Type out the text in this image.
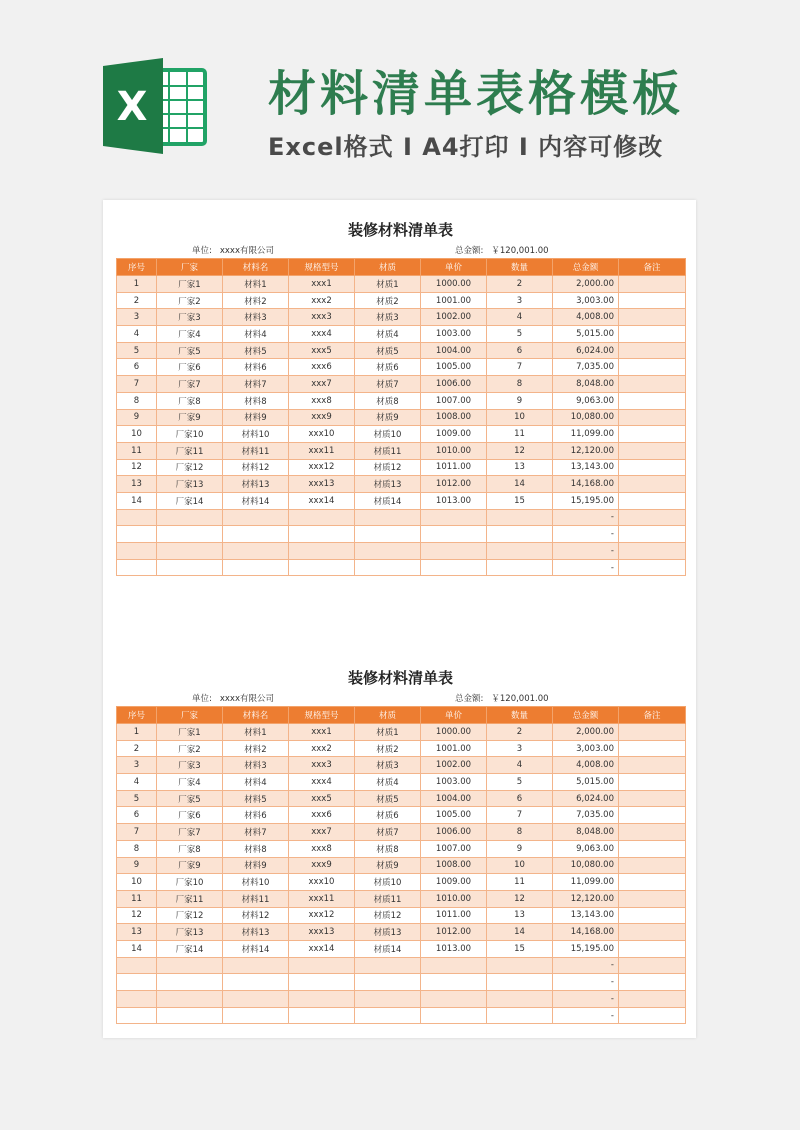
X	材料清单表格模板
Excel格式 I A4打印 I 内容可修改
装修材料清单表
单位: xxxx有限公司	总金额: ￥120,001.00
序号	厂家	材料名	规格型号	材质	单价	数量	总金额	备注
1	厂家1	材料1	xxx1	材质1	1000.00	2	2,000.00	
2	厂家2	材料2	xxx2	材质2	1001.00	3	3,003.00	
3	厂家3	材料3	xxx3	材质3	1002.00	4	4,008.00	
4	厂家4	材料4	xxx4	材质4	1003.00	5	5,015.00	
5	厂家5	材料5	xxx5	材质5	1004.00	6	6,024.00	
6	厂家6	材料6	xxx6	材质6	1005.00	7	7,035.00	
7	厂家7	材料7	xxx7	材质7	1006.00	8	8,048.00	
8	厂家8	材料8	xxx8	材质8	1007.00	9	9,063.00	
9	厂家9	材料9	xxx9	材质9	1008.00	10	10,080.00	
10	厂家10	材料10	xxx10	材质10	1009.00	11	11,099.00	
11	厂家11	材料11	xxx11	材质11	1010.00	12	12,120.00	
12	厂家12	材料12	xxx12	材质12	1011.00	13	13,143.00	
13	厂家13	材料13	xxx13	材质13	1012.00	14	14,168.00	
14	厂家14	材料14	xxx14	材质14	1013.00	15	15,195.00	
							-	
							-	
							-	
							-	
装修材料清单表
单位: xxxx有限公司	总金额: ￥120,001.00
序号	厂家	材料名	规格型号	材质	单价	数量	总金额	备注
1	厂家1	材料1	xxx1	材质1	1000.00	2	2,000.00	
2	厂家2	材料2	xxx2	材质2	1001.00	3	3,003.00	
3	厂家3	材料3	xxx3	材质3	1002.00	4	4,008.00	
4	厂家4	材料4	xxx4	材质4	1003.00	5	5,015.00	
5	厂家5	材料5	xxx5	材质5	1004.00	6	6,024.00	
6	厂家6	材料6	xxx6	材质6	1005.00	7	7,035.00	
7	厂家7	材料7	xxx7	材质7	1006.00	8	8,048.00	
8	厂家8	材料8	xxx8	材质8	1007.00	9	9,063.00	
9	厂家9	材料9	xxx9	材质9	1008.00	10	10,080.00	
10	厂家10	材料10	xxx10	材质10	1009.00	11	11,099.00	
11	厂家11	材料11	xxx11	材质11	1010.00	12	12,120.00	
12	厂家12	材料12	xxx12	材质12	1011.00	13	13,143.00	
13	厂家13	材料13	xxx13	材质13	1012.00	14	14,168.00	
14	厂家14	材料14	xxx14	材质14	1013.00	15	15,195.00	
							-	
							-	
							-	
							-	
